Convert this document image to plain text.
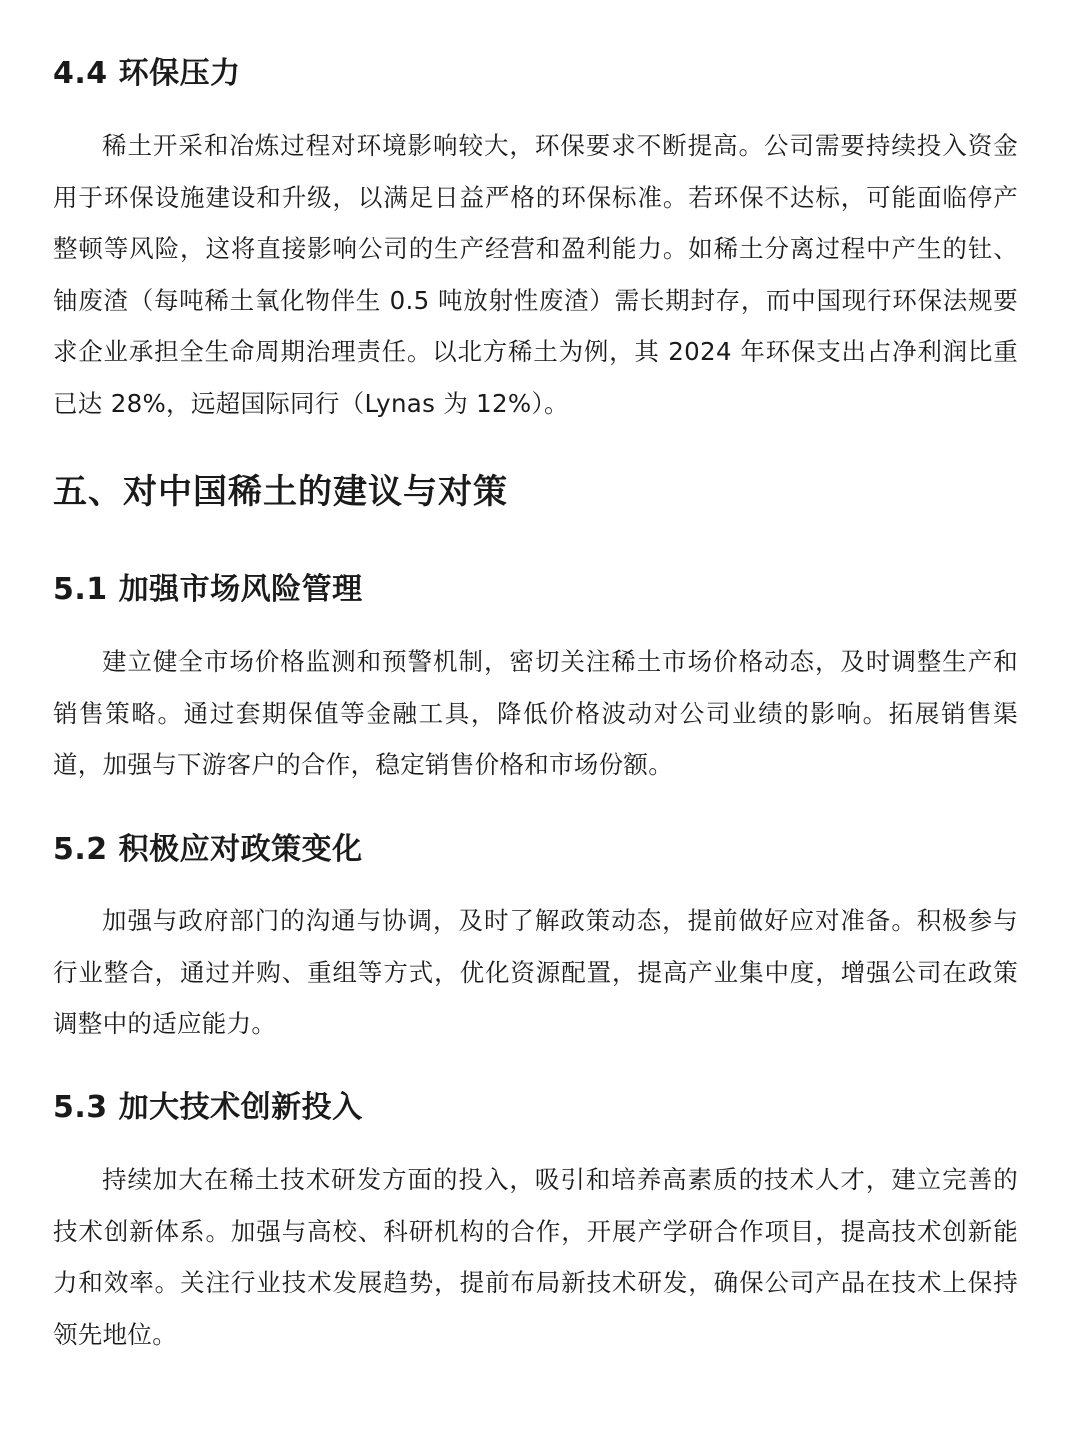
4.4 环保压力

稀土开采和冶炼过程对环境影响较大，环保要求不断提高。公司需要持续投入资金用于环保设施建设和升级，以满足日益严格的环保标准。若环保不达标，可能面临停产整顿等风险，这将直接影响公司的生产经营和盈利能力。如稀土分离过程中产生的钍、铀废渣（每吨稀土氧化物伴生 0.5 吨放射性废渣）需长期封存，而中国现行环保法规要求企业承担全生命周期治理责任。以北方稀土为例，其 2024 年环保支出占净利润比重已达 28%，远超国际同行（Lynas 为 12%）。

五、对中国稀土的建议与对策
5.1 加强市场风险管理

建立健全市场价格监测和预警机制，密切关注稀土市场价格动态，及时调整生产和销售策略。通过套期保值等金融工具，降低价格波动对公司业绩的影响。拓展销售渠道，加强与下游客户的合作，稳定销售价格和市场份额。

5.2 积极应对政策变化

加强与政府部门的沟通与协调，及时了解政策动态，提前做好应对准备。积极参与行业整合，通过并购、重组等方式，优化资源配置，提高产业集中度，增强公司在政策调整中的适应能力。

5.3 加大技术创新投入

持续加大在稀土技术研发方面的投入，吸引和培养高素质的技术人才，建立完善的技术创新体系。加强与高校、科研机构的合作，开展产学研合作项目，提高技术创新能力和效率。关注行业技术发展趋势，提前布局新技术研发，确保公司产品在技术上保持领先地位。
